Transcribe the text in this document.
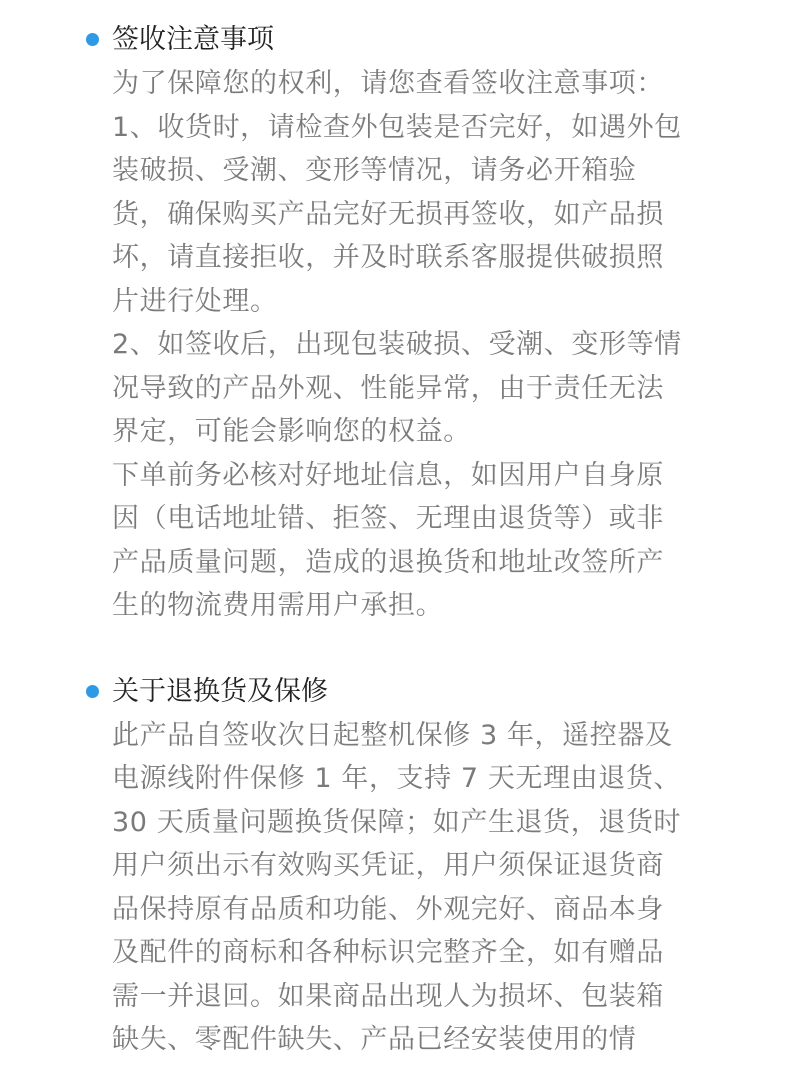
签收注意事项

为了保障您的权利，请您查看签收注意事项：

1、收货时，请检查外包装是否完好，如遇外包装破损、受潮、变形等情况，请务必开箱验货，确保购买产品完好无损再签收，如产品损坏，请直接拒收，并及时联系客服提供破损照片进行处理。

2、如签收后，出现包装破损、受潮、变形等情况导致的产品外观、性能异常，由于责任无法界定，可能会影响您的权益。

下单前务必核对好地址信息，如因用户自身原因（电话地址错、拒签、无理由退货等）或非产品质量问题，造成的退换货和地址改签所产生的物流费用需用户承担。

关于退换货及保修

此产品自签收次日起整机保修 3 年，遥控器及电源线附件保修 1 年，支持 7 天无理由退货、30 天质量问题换货保障；如产生退货，退货时用户须出示有效购买凭证，用户须保证退货商品保持原有品质和功能、外观完好、商品本身及配件的商标和各种标识完整齐全，如有赠品需一并退回。如果商品出现人为损坏、包装箱缺失、零配件缺失、产品已经安装使用的情
